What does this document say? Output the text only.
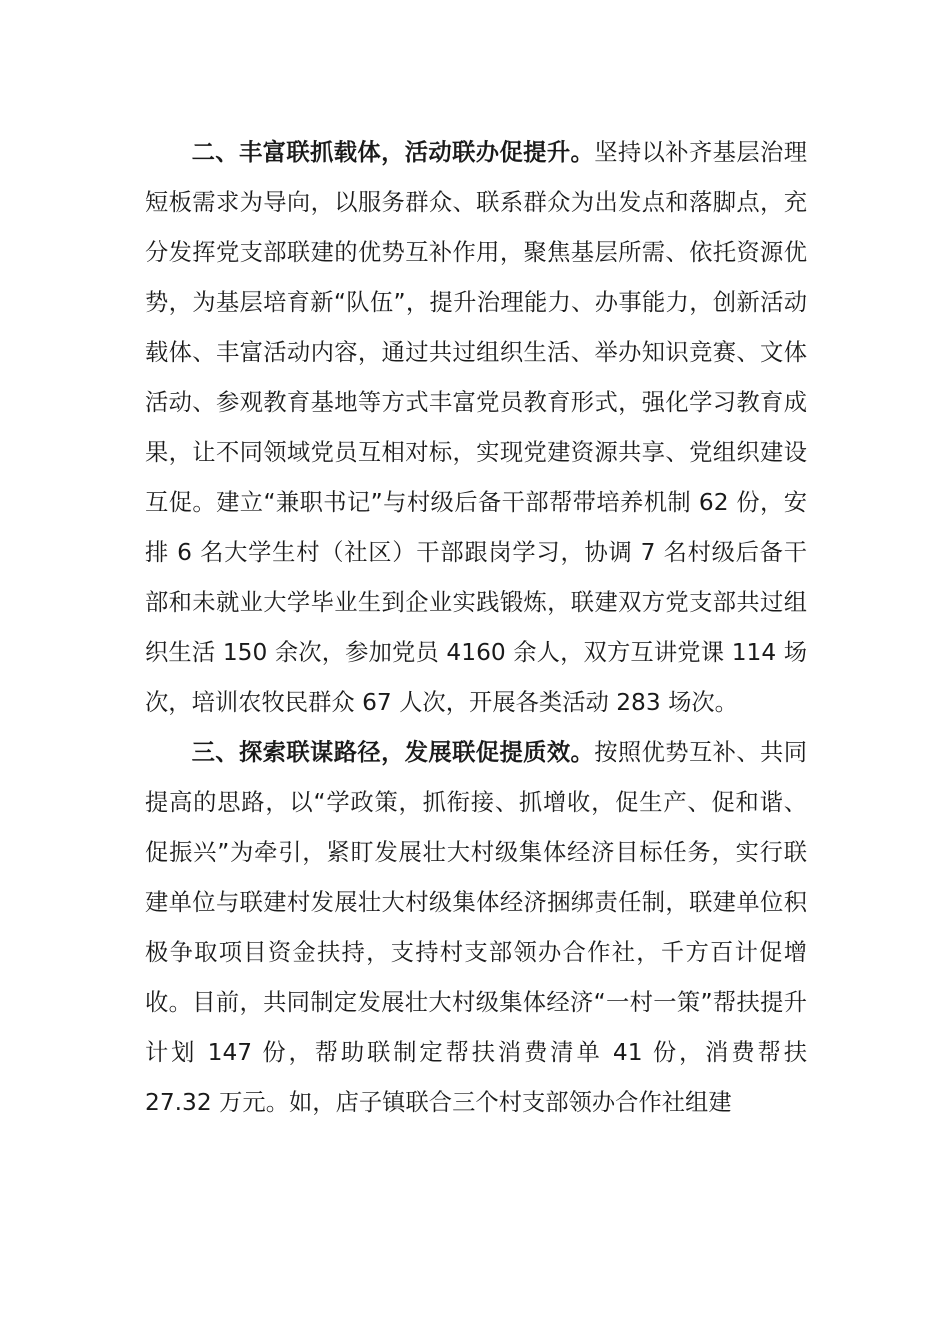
二、丰富联抓载体，活动联办促提升。坚持以补齐基层治理短板需求为导向，以服务群众、联系群众为出发点和落脚点，充分发挥党支部联建的优势互补作用，聚焦基层所需、依托资源优势，为基层培育新“队伍”，提升治理能力、办事能力，创新活动载体、丰富活动内容，通过共过组织生活、举办知识竞赛、文体活动、参观教育基地等方式丰富党员教育形式，强化学习教育成果，让不同领域党员互相对标，实现党建资源共享、党组织建设互促。建立“兼职书记”与村级后备干部帮带培养机制 62 份，安排 6 名大学生村（社区）干部跟岗学习，协调 7 名村级后备干部和未就业大学毕业生到企业实践锻炼，联建双方党支部共过组织生活 150 余次，参加党员 4160 余人，双方互讲党课 114 场次，培训农牧民群众 67 人次，开展各类活动 283 场次。

三、探索联谋路径，发展联促提质效。按照优势互补、共同提高的思路，以“学政策，抓衔接、抓增收，促生产、促和谐、促振兴”为牵引，紧盯发展壮大村级集体经济目标任务，实行联建单位与联建村发展壮大村级集体经济捆绑责任制，联建单位积极争取项目资金扶持，支持村支部领办合作社，千方百计促增收。目前，共同制定发展壮大村级集体经济“一村一策”帮扶提升计划 147 份，帮助联制定帮扶消费清单 41 份，消费帮扶 27.32 万元。如，店子镇联合三个村支部领办合作社组建
